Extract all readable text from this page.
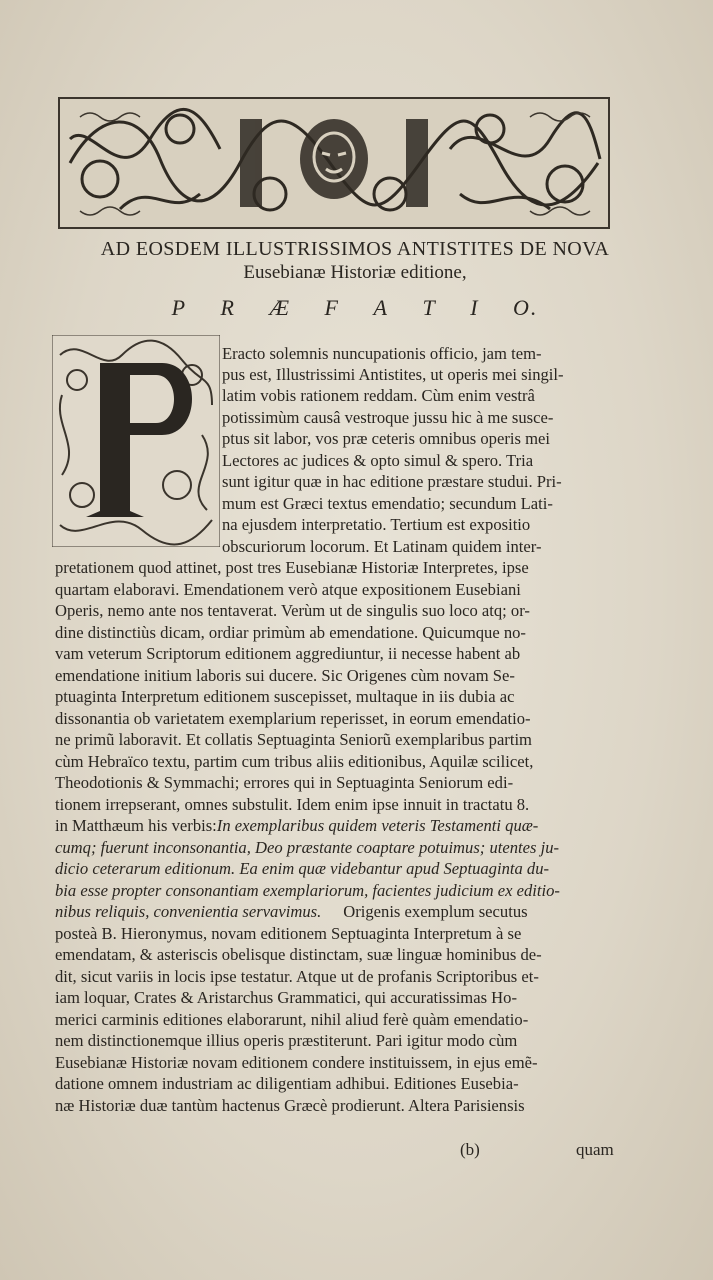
AD EOSDEM ILLUSTRISSIMOS ANTISTITES DE NOVA
Eusebianæ Historiæ editione,
P R Æ F A T I O.
Eracto solemnis nuncupationis officio, jam tem-
pus est, Illustrissimi Antistites, ut operis mei singil-
latim vobis rationem reddam. Cùm enim vestrâ
potissimùm causâ vestroque jussu hic à me susce-
ptus sit labor, vos præ ceteris omnibus operis mei
Lectores ac judices & opto simul & spero. Tria
sunt igitur quæ in hac editione præstare studui. Pri-
mum est Græci textus emendatio; secundum Lati-
na ejusdem interpretatio. Tertium est expositio
obscuriorum locorum. Et Latinam quidem inter-
pretationem quod attinet, post tres Eusebianæ Historiæ Interpretes, ipse
quartam elaboravi. Emendationem verò atque expositionem Eusebiani
Operis, nemo ante nos tentaverat. Verùm ut de singulis suo loco atq; or-
dine distinctiùs dicam, ordiar primùm ab emendatione. Quicumque no-
vam veterum Scriptorum editionem aggrediuntur, ii necesse habent ab
emendatione initium laboris sui ducere. Sic Origenes cùm novam Se-
ptuaginta Interpretum editionem suscepisset, multaque in iis dubia ac
dissonantia ob varietatem exemplarium reperisset, in eorum emendatio-
ne primũ laboravit. Et collatis Septuaginta Seniorũ exemplaribus partim
cùm Hebraïco textu, partim cum tribus aliis editionibus, Aquilæ scilicet,
Theodotionis & Symmachi; errores qui in Septuaginta Seniorum edi-
tionem irrepserant, omnes substulit. Idem enim ipse innuit in tractatu 8.
in Matthæum his verbis:In exemplaribus quidem veteris Testamenti quæ-
cumq; fuerunt inconsonantia, Deo præstante coaptare potuimus; utentes ju-
dicio ceterarum editionum. Ea enim quæ videbantur apud Septuaginta du-
bia esse propter consonantiam exemplariorum, facientes judicium ex editio-
nibus reliquis, convenientia servavimus. Origenis exemplum secutus
posteà B. Hieronymus, novam editionem Septuaginta Interpretum à se
emendatam, & asteriscis obelisque distinctam, suæ linguæ hominibus de-
dit, sicut variis in locis ipse testatur. Atque ut de profanis Scriptoribus et-
iam loquar, Crates & Aristarchus Grammatici, qui accuratissimas Ho-
merici carminis editiones elaborarunt, nihil aliud ferè quàm emendatio-
nem distinctionemque illius operis præstiterunt. Pari igitur modo cùm
Eusebianæ Historiæ novam editionem condere instituissem, in ejus emẽ-
datione omnem industriam ac diligentiam adhibui. Editiones Eusebia-
næ Historiæ duæ tantùm hactenus Græcè prodierunt. Altera Parisiensis
(b)	quam
